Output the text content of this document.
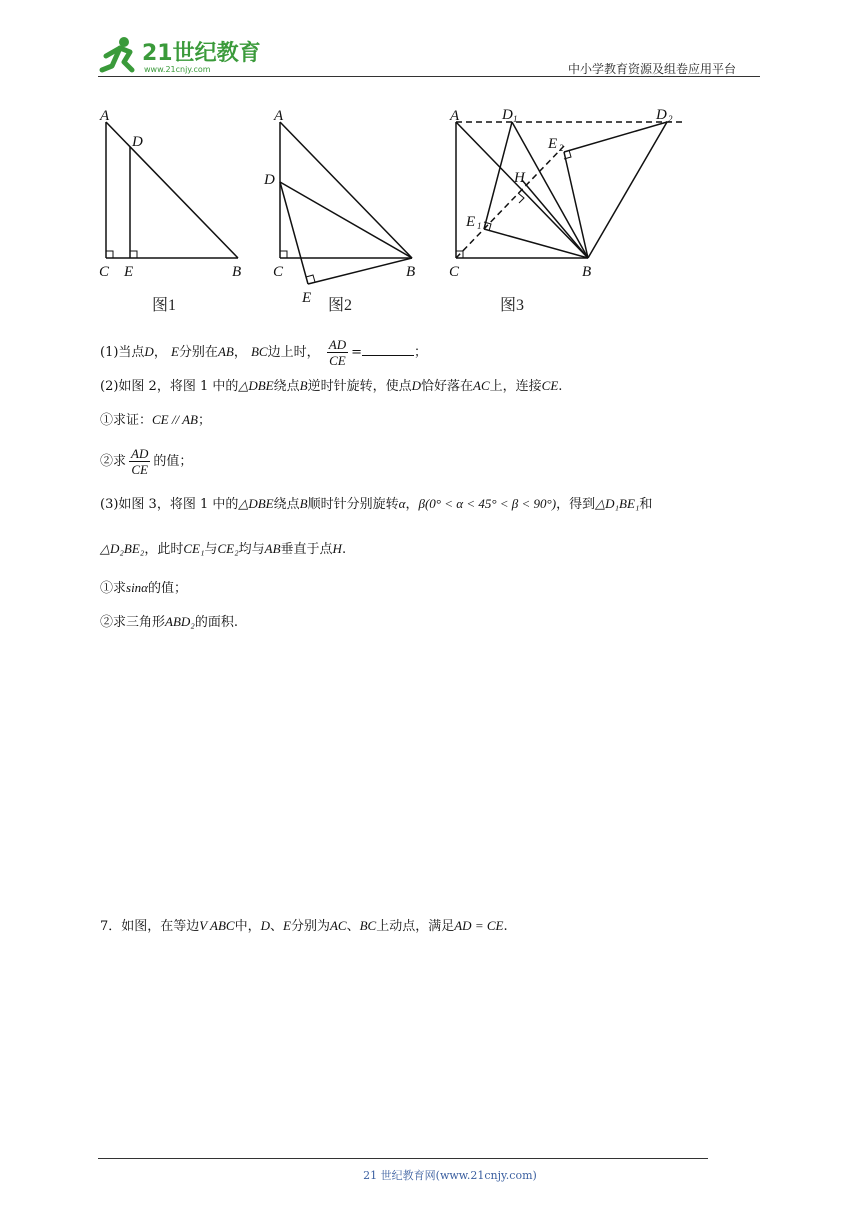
21世纪教育
www.21cnjy.com	中小学教育资源及组卷应用平台
A
D
C E	B
图1
A
D
C	B
E 图2
A	D 1	D 2
E 2
H
E 1
C	B
图3
(1)当点D， E分别在AB， BC边上时， $\frac{AD}{CE}$ =	；
(2)如图 2，将图 1 中的△DBE绕点B逆时针旋转，使点D恰好落在AC上，连接CE.
①求证：CE // AB；
②求 $\frac{AD}{CE}$ 的值；
(3)如图 3，将图 1 中的△DBE绕点B顺时针分别旋转α，β(0° < α < 45° < β < 90°)，得到△D₁BE₁和
△D₂BE₂，此时CE₁与CE₂均与AB垂直于点H.
①求sinα的值；
②求三角形ABD₂的面积.
7．如图，在等边V ABC中，D、E分别为AC、BC上动点，满足AD = CE.
21 世纪教育网(www.21cnjy.com)
